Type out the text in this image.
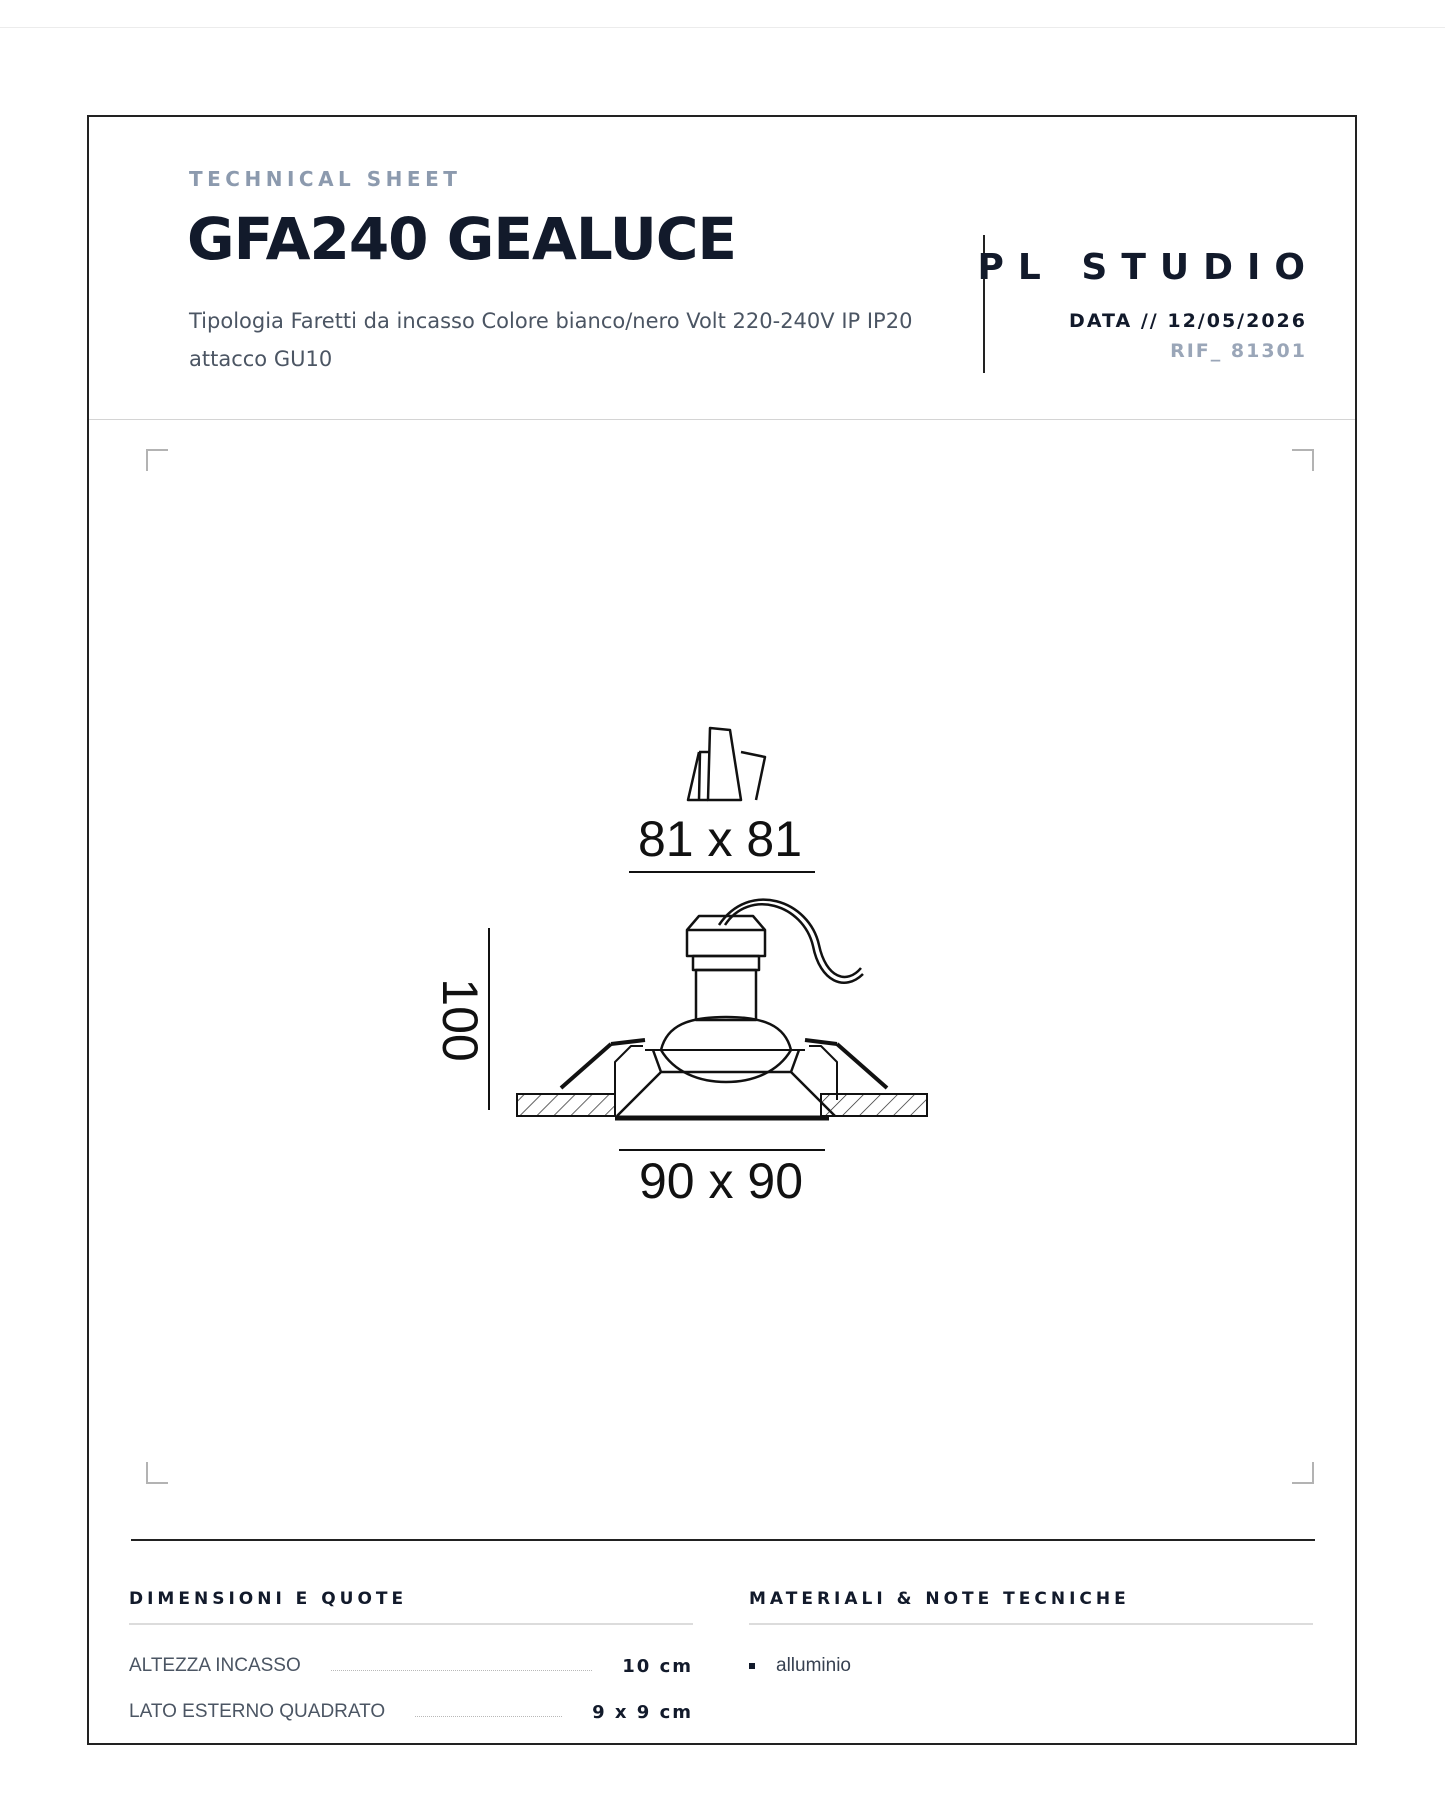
TECHNICAL SHEET

GFA240 GEALUCE

Tipologia Faretti da incasso Colore bianco/nero Volt 220-240V IP IP20 attacco GU10

PL STUDIO

DATA // 12/05/2026
RIF_ 81301
81 x 81
100
90 x 90
DIMENSIONI E QUOTE
ALTEZZA INCASSO	10 cm
LATO ESTERNO QUADRATO	9 x 9 cm
MATERIALI & NOTE TECNICHE
alluminio
